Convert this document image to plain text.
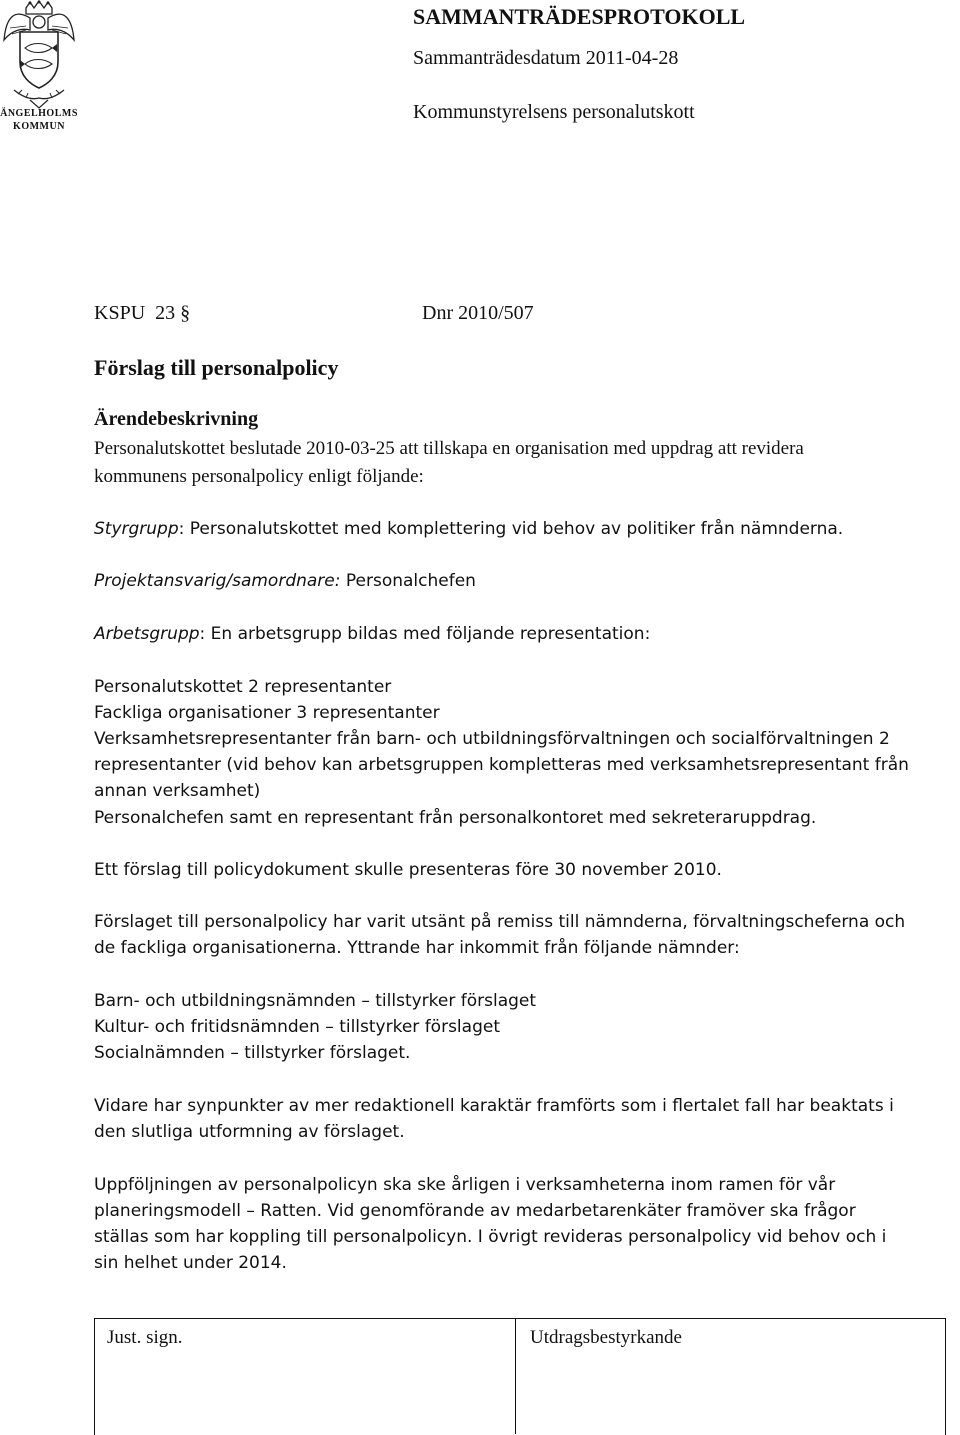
ÄNGELHOLMS
KOMMUN
SAMMANTRÄDESPROTOKOLL
Sammanträdesdatum 2011-04-28
Kommunstyrelsens personalutskott
KSPU  23 §	Dnr 2010/507
Förslag till personalpolicy
Ärendebeskrivning
Personalutskottet beslutade 2010-03-25 att tillskapa en organisation med uppdrag att revidera
kommunens personalpolicy enligt följande:
Styrgrupp: Personalutskottet med komplettering vid behov av politiker från nämnderna.
Projektansvarig/samordnare: Personalchefen
Arbetsgrupp: En arbetsgrupp bildas med följande representation:
Personalutskottet 2 representanter
Fackliga organisationer 3 representanter
Verksamhetsrepresentanter från barn- och utbildningsförvaltningen och socialförvaltningen 2
representanter (vid behov kan arbetsgruppen kompletteras med verksamhetsrepresentant från
annan verksamhet)
Personalchefen samt en representant från personalkontoret med sekreteraruppdrag.
Ett förslag till policydokument skulle presenteras före 30 november 2010.
Förslaget till personalpolicy har varit utsänt på remiss till nämnderna, förvaltningscheferna och
de fackliga organisationerna. Yttrande har inkommit från följande nämnder:
Barn- och utbildningsnämnden – tillstyrker förslaget
Kultur- och fritidsnämnden – tillstyrker förslaget
Socialnämnden – tillstyrker förslaget.
Vidare har synpunkter av mer redaktionell karaktär framförts som i flertalet fall har beaktats i
den slutliga utformning av förslaget.
Uppföljningen av personalpolicyn ska ske årligen i verksamheterna inom ramen för vår
planeringsmodell – Ratten. Vid genomförande av medarbetarenkäter framöver ska frågor
ställas som har koppling till personalpolicyn. I övrigt revideras personalpolicy vid behov och i
sin helhet under 2014.
Just. sign.	Utdragsbestyrkande
